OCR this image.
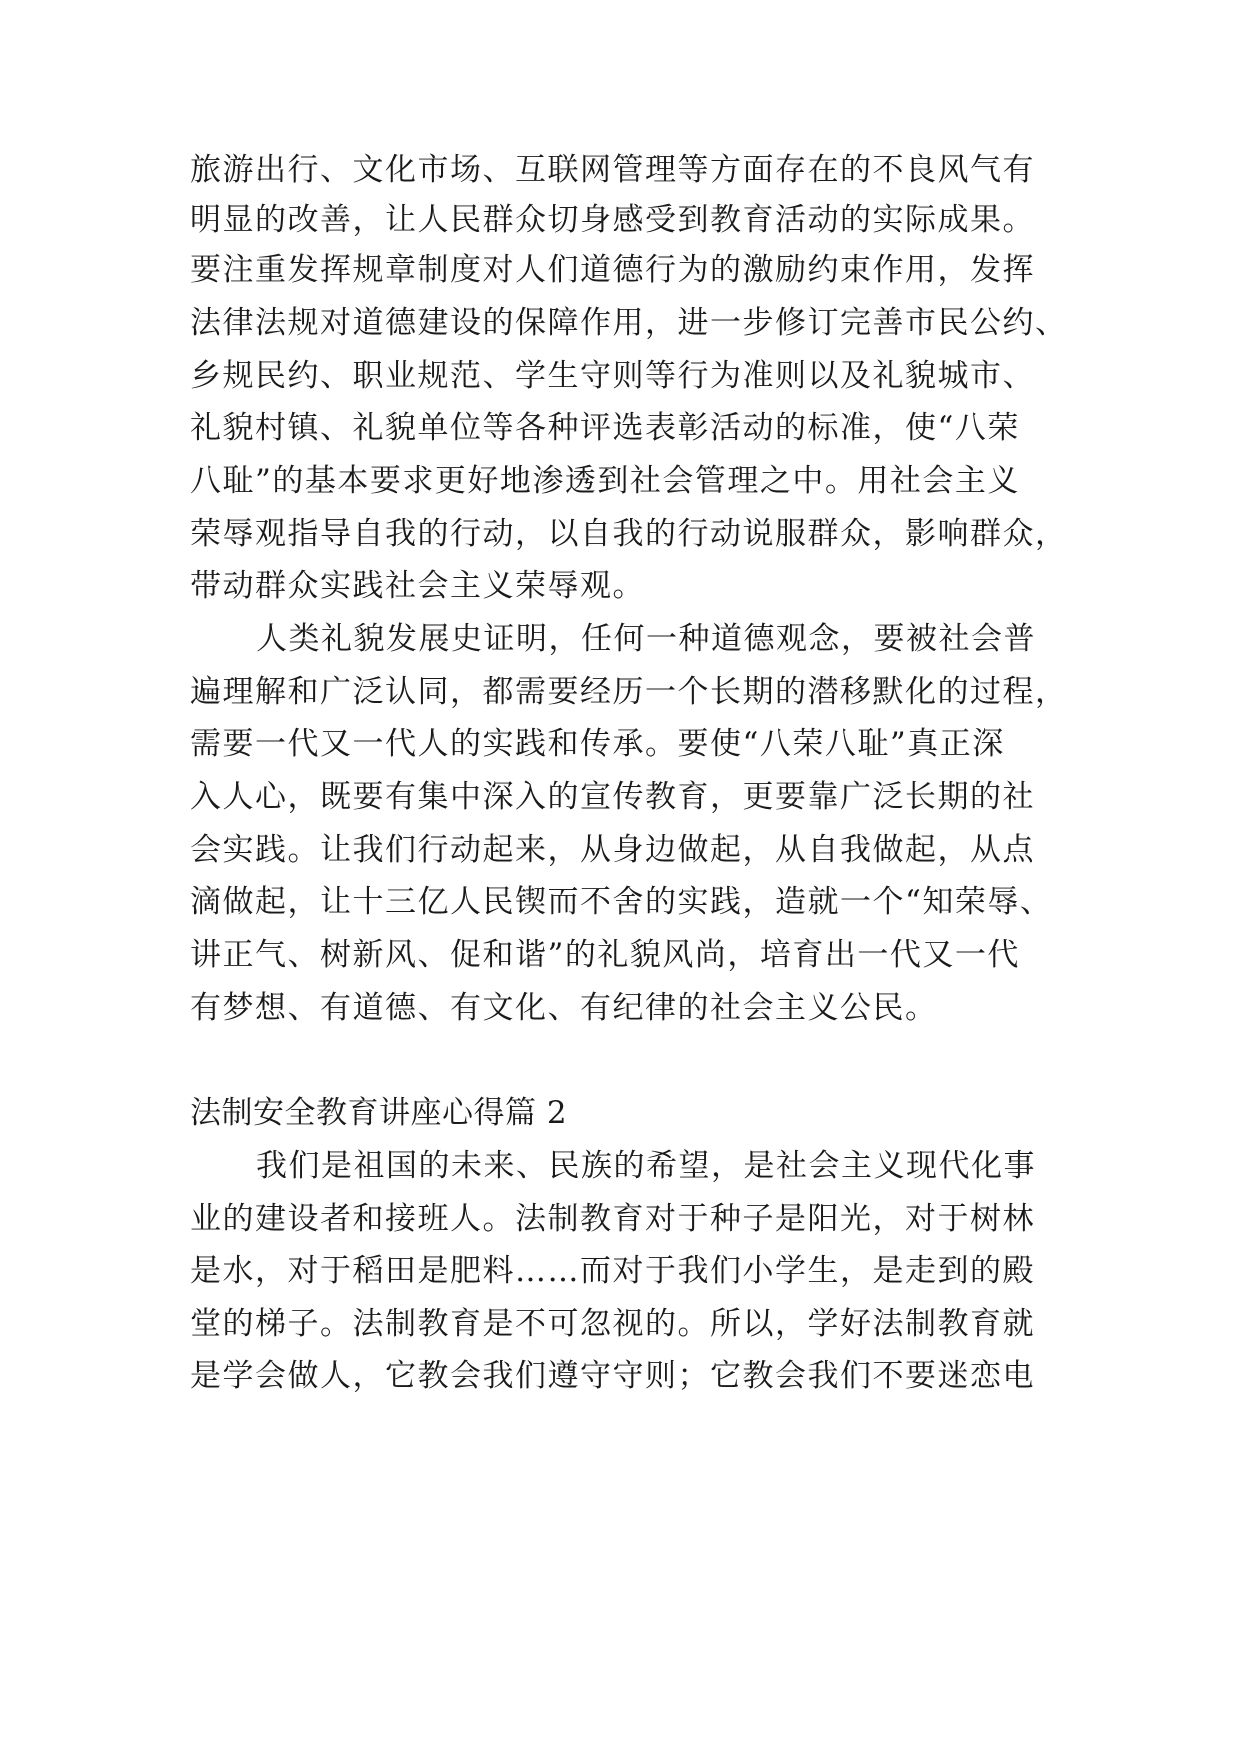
旅游出行、文化市场、互联网管理等方面存在的不良风气有
明显的改善，让人民群众切身感受到教育活动的实际成果。
要注重发挥规章制度对人们道德行为的激励约束作用，发挥
法律法规对道德建设的保障作用，进一步修订完善市民公约、
乡规民约、职业规范、学生守则等行为准则以及礼貌城市、
礼貌村镇、礼貌单位等各种评选表彰活动的标准，使“八荣
八耻”的基本要求更好地渗透到社会管理之中。用社会主义
荣辱观指导自我的行动，以自我的行动说服群众，影响群众，
带动群众实践社会主义荣辱观。
人类礼貌发展史证明，任何一种道德观念，要被社会普
遍理解和广泛认同，都需要经历一个长期的潜移默化的过程，
需要一代又一代人的实践和传承。要使“八荣八耻”真正深
入人心，既要有集中深入的宣传教育，更要靠广泛长期的社
会实践。让我们行动起来，从身边做起，从自我做起，从点
滴做起，让十三亿人民锲而不舍的实践，造就一个“知荣辱、
讲正气、树新风、促和谐”的礼貌风尚，培育出一代又一代
有梦想、有道德、有文化、有纪律的社会主义公民。
法制安全教育讲座心得篇 2
我们是祖国的未来、民族的希望，是社会主义现代化事
业的建设者和接班人。法制教育对于种子是阳光，对于树林
是水，对于稻田是肥料……而对于我们小学生，是走到的殿
堂的梯子。法制教育是不可忽视的。所以，学好法制教育就
是学会做人，它教会我们遵守守则；它教会我们不要迷恋电
